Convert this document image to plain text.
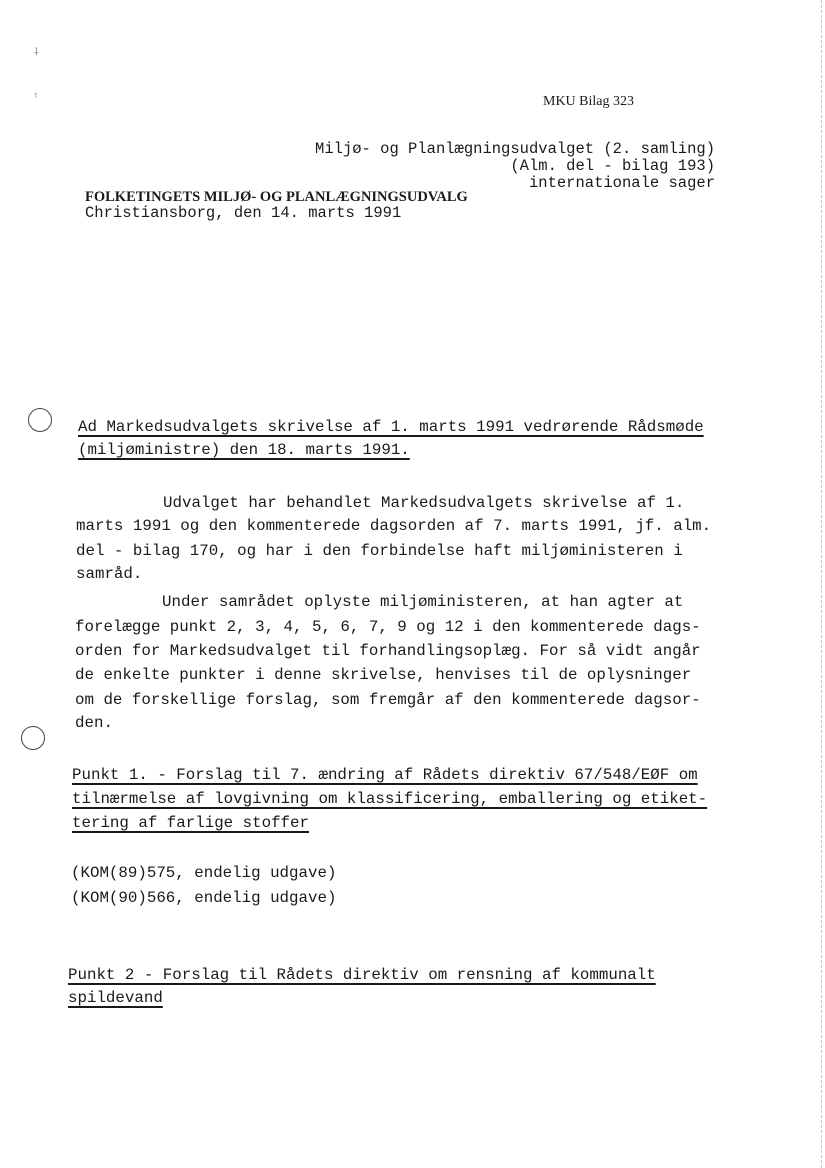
⸸
ᵗ	MKU Bilag 323
Miljø- og Planlægningsudvalget (2. samling)
(Alm. del - bilag 193)
internationale sager
FOLKETINGETS MILJØ- OG PLANLÆGNINGSUDVALG
Christiansborg, den 14. marts 1991
Ad Markedsudvalgets skrivelse af 1. marts 1991 vedrørende Rådsmøde
(miljøministre) den 18. marts 1991.
Udvalget har behandlet Markedsudvalgets skrivelse af 1.
marts 1991 og den kommenterede dagsorden af 7. marts 1991, jf. alm.
del - bilag 170, og har i den forbindelse haft miljøministeren i
samråd.
Under samrådet oplyste miljøministeren, at han agter at
forelægge punkt 2, 3, 4, 5, 6, 7, 9 og 12 i den kommenterede dags-
orden for Markedsudvalget til forhandlingsoplæg. For så vidt angår
de enkelte punkter i denne skrivelse, henvises til de oplysninger
om de forskellige forslag, som fremgår af den kommenterede dagsor-
den.
Punkt 1. - Forslag til 7. ændring af Rådets direktiv 67/548/EØF om
tilnærmelse af lovgivning om klassificering, emballering og etiket-
tering af farlige stoffer
(KOM(89)575, endelig udgave)
(KOM(90)566, endelig udgave)
Punkt 2 - Forslag til Rådets direktiv om rensning af kommunalt
spildevand
